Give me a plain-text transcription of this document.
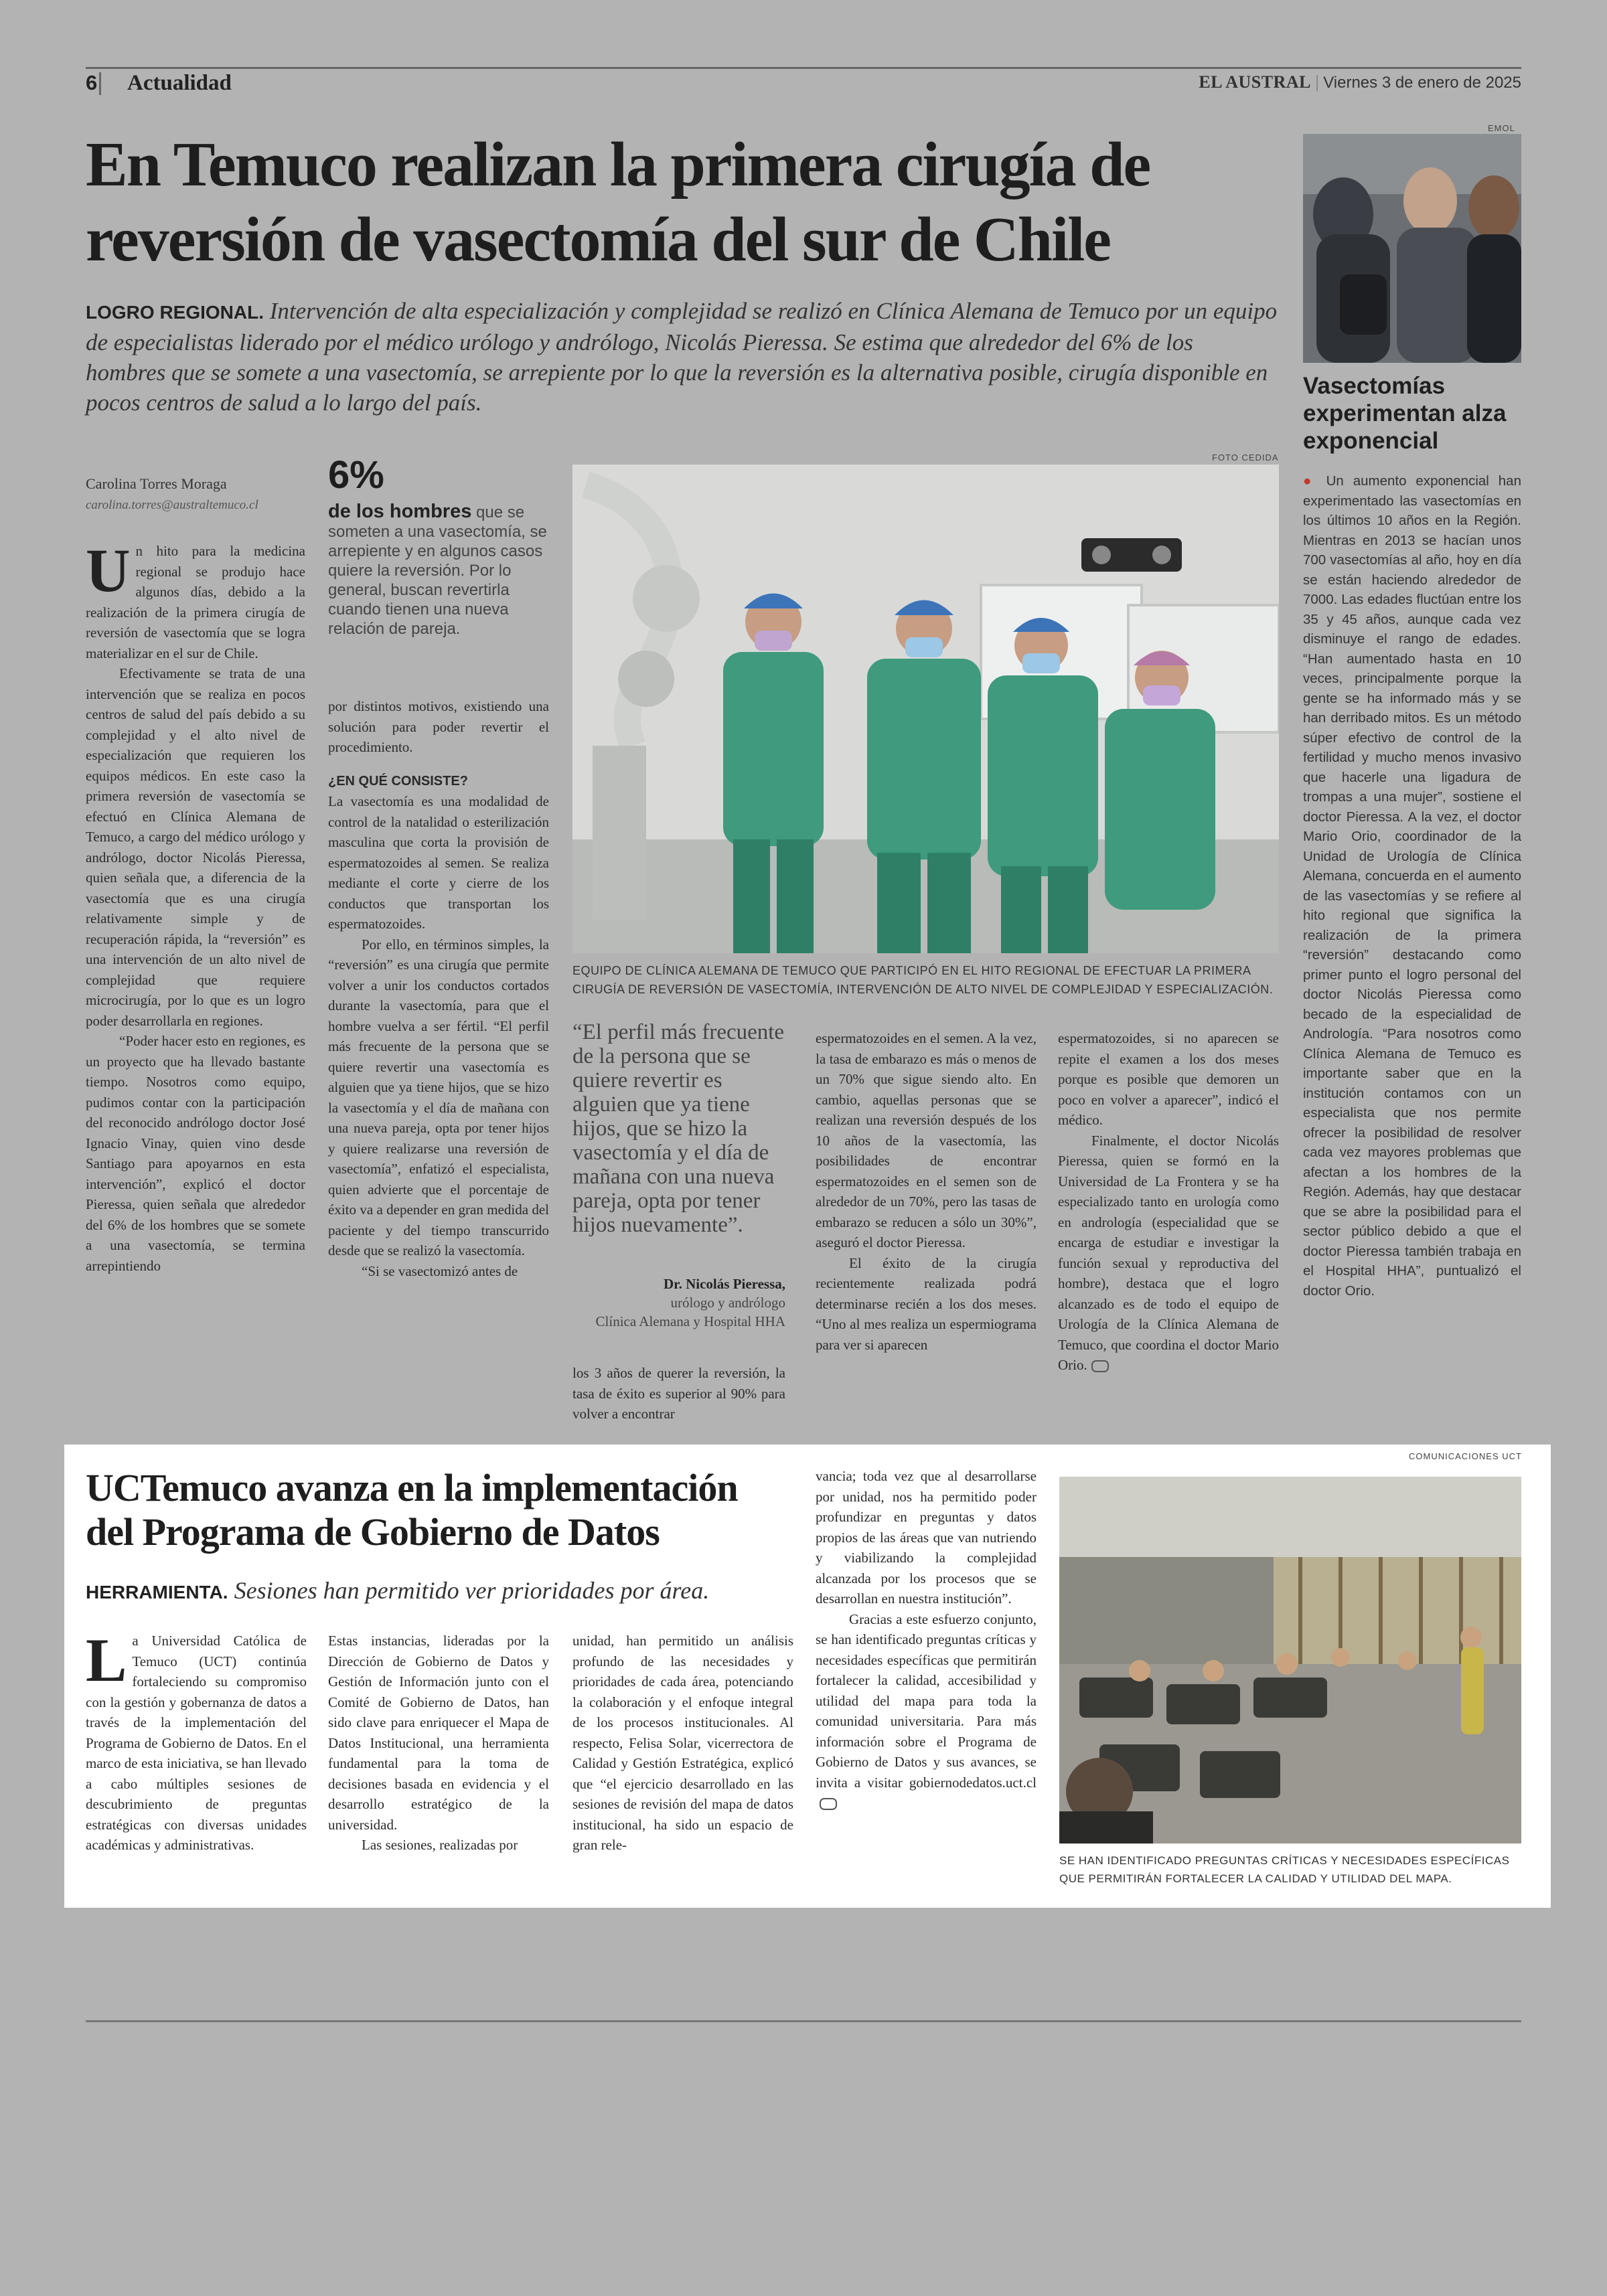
6 Actualidad	EL AUSTRAL | Viernes 3 de enero de 2025
En Temuco realizan la primera cirugía de
reversión de vasectomía del sur de Chile
LOGRO REGIONAL. Intervención de alta especialización y complejidad se realizó en Clínica Alemana de Temuco por un equipo de especialistas liderado por el médico urólogo y andrólogo, Nicolás Pieressa. Se estima que alrededor del 6% de los hombres que se somete a una vasectomía, se arrepiente por lo que la reversión es la alternativa posible, cirugía disponible en pocos centros de salud a lo largo del país.
FOTO CEDIDA
Carolina Torres Moraga
carolina.torres@australtemuco.cl

Un hito para la medicina regional se produjo hace algunos días, debido a la realización de la primera cirugía de reversión de vasectomía que se logra materializar en el sur de Chile.

Efectivamente se trata de una intervención que se realiza en pocos centros de salud del país debido a su complejidad y el alto nivel de especialización que requieren los equipos médicos. En este caso la primera reversión de vasectomía se efectuó en Clínica Alemana de Temuco, a cargo del médico urólogo y andrólogo, doctor Nicolás Pieressa, quien señala que, a diferencia de la vasectomía que es una cirugía relativamente simple y de recuperación rápida, la “reversión” es una intervención de un alto nivel de complejidad que requiere microcirugía, por lo que es un logro poder desarrollarla en regiones.

“Poder hacer esto en regiones, es un proyecto que ha llevado bastante tiempo. Nosotros como equipo, pudimos contar con la participación del reconocido andrólogo doctor José Ignacio Vinay, quien vino desde Santiago para apoyarnos en esta intervención”, explicó el doctor Pieressa, quien señala que alrededor del 6% de los hombres que se somete a una vasectomía, se termina arrepintiendo

6%
de los hombres que se someten a una vasectomía, se arrepiente y en algunos casos quiere la reversión. Por lo general, buscan revertirla cuando tienen una nueva relación de pareja.

por distintos motivos, existiendo una solución para poder revertir el procedimiento.

¿EN QUÉ CONSISTE?

La vasectomía es una modalidad de control de la natalidad o esterilización masculina que corta la provisión de espermatozoides al semen. Se realiza mediante el corte y cierre de los conductos que transportan los espermatozoides.

Por ello, en términos simples, la “reversión” es una cirugía que permite volver a unir los conductos cortados durante la vasectomía, para que el hombre vuelva a ser fértil. “El perfil más frecuente de la persona que se quiere revertir una vasectomía es alguien que ya tiene hijos, que se hizo la vasectomía y el día de mañana con una nueva pareja, opta por tener hijos y quiere realizarse una reversión de vasectomía”, enfatizó el especialista, quien advierte que el porcentaje de éxito va a depender en gran medida del paciente y del tiempo transcurrido desde que se realizó la vasectomía.

“Si se vasectomizó antes de

EQUIPO DE CLÍNICA ALEMANA DE TEMUCO QUE PARTICIPÓ EN EL HITO REGIONAL DE EFECTUAR LA PRIMERA CIRUGÍA DE REVERSIÓN DE VASECTOMÍA, INTERVENCIÓN DE ALTO NIVEL DE COMPLEJIDAD Y ESPECIALIZACIÓN.
“El perfil más frecuente de la persona que se quiere revertir es alguien que ya tiene hijos, que se hizo la vasectomía y el día de mañana con una nueva pareja, opta por tener hijos nuevamente”.
Dr. Nicolás Pieressa,
urólogo y andrólogo
Clínica Alemana y Hospital HHA

los 3 años de querer la reversión, la tasa de éxito es superior al 90% para volver a encontrar

espermatozoides en el semen. A la vez, la tasa de embarazo es más o menos de un 70% que sigue siendo alto. En cambio, aquellas personas que se realizan una reversión después de los 10 años de la vasectomía, las posibilidades de encontrar espermatozoides en el semen son de alrededor de un 70%, pero las tasas de embarazo se reducen a sólo un 30%”, aseguró el doctor Pieressa.

El éxito de la cirugía recientemente realizada podrá determinarse recién a los dos meses. “Uno al mes realiza un espermiograma para ver si aparecen

espermatozoides, si no aparecen se repite el examen a los dos meses porque es posible que demoren un poco en volver a aparecer”, indicó el médico.

Finalmente, el doctor Nicolás Pieressa, quien se formó en la Universidad de La Frontera y se ha especializado tanto en urología como en andrología (especialidad que se encarga de estudiar e investigar la función sexual y reproductiva del hombre), destaca que el logro alcanzado es de todo el equipo de Urología de la Clínica Alemana de Temuco, que coordina el doctor Mario Orio.

EMOL
Vasectomías experimentan alza exponencial
● Un aumento exponencial han experimentado las vasectomías en los últimos 10 años en la Región. Mientras en 2013 se hacían unos 700 vasectomías al año, hoy en día se están haciendo alrededor de 7000. Las edades fluctúan entre los 35 y 45 años, aunque cada vez disminuye el rango de edades. “Han aumentado hasta en 10 veces, principalmente porque la gente se ha informado más y se han derribado mitos. Es un método súper efectivo de control de la fertilidad y mucho menos invasivo que hacerle una ligadura de trompas a una mujer”, sostiene el doctor Pieressa. A la vez, el doctor Mario Orio, coordinador de la Unidad de Urología de Clínica Alemana, concuerda en el aumento de las vasectomías y se refiere al hito regional que significa la realización de la primera “reversión” destacando como primer punto el logro personal del doctor Nicolás Pieressa como becado de la especialidad de Andrología. “Para nosotros como Clínica Alemana de Temuco es importante saber que en la institución contamos con un especialista que nos permite ofrecer la posibilidad de resolver cada vez mayores problemas que afectan a los hombres de la Región. Además, hay que destacar que se abre la posibilidad para el sector público debido a que el doctor Pieressa también trabaja en el Hospital HHA”, puntualizó el doctor Orio.
UCTemuco avanza en la implementación
del Programa de Gobierno de Datos
HERRAMIENTA. Sesiones han permitido ver prioridades por área.

La Universidad Católica de Temuco (UCT) continúa fortaleciendo su compromiso con la gestión y gobernanza de datos a través de la implementación del Programa de Gobierno de Datos. En el marco de esta iniciativa, se han llevado a cabo múltiples sesiones de descubrimiento de preguntas estratégicas con diversas unidades académicas y administrativas.

Estas instancias, lideradas por la Dirección de Gobierno de Datos y Gestión de Información junto con el Comité de Gobierno de Datos, han sido clave para enriquecer el Mapa de Datos Institucional, una herramienta fundamental para la toma de decisiones basada en evidencia y el desarrollo estratégico de la universidad.

Las sesiones, realizadas por

unidad, han permitido un análisis profundo de las necesidades y prioridades de cada área, potenciando la colaboración y el enfoque integral de los procesos institucionales. Al respecto, Felisa Solar, vicerrectora de Calidad y Gestión Estratégica, explicó que “el ejercicio desarrollado en las sesiones de revisión del mapa de datos institucional, ha sido un espacio de gran rele-

vancia; toda vez que al desarrollarse por unidad, nos ha permitido poder profundizar en preguntas y datos propios de las áreas que van nutriendo y viabilizando la complejidad alcanzada por los procesos que se desarrollan en nuestra institución”.

Gracias a este esfuerzo conjunto, se han identificado preguntas críticas y necesidades específicas que permitirán fortalecer la calidad, accesibilidad y utilidad del mapa para toda la comunidad universitaria. Para más información sobre el Programa de Gobierno de Datos y sus avances, se invita a visitar gobiernodedatos.uct.cl

COMUNICACIONES UCT
SE HAN IDENTIFICADO PREGUNTAS CRÍTICAS Y NECESIDADES ESPECÍFICAS QUE PERMITIRÁN FORTALECER LA CALIDAD Y UTILIDAD DEL MAPA.
